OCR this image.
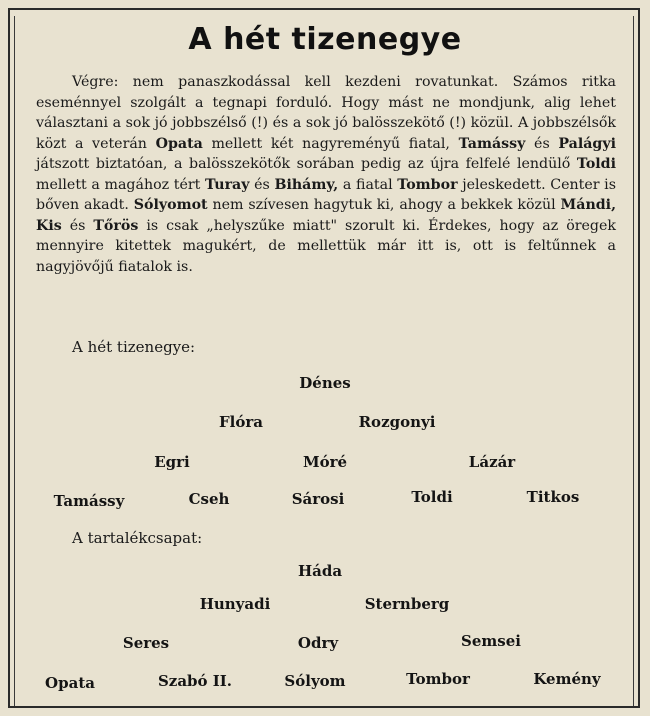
A hét tizenegye

Végre: nem panaszkodással kell kezdeni rovatunkat. Számos ritka eseménnyel szolgált a tegnapi forduló. Hogy mást ne mondjunk, alig lehet választani a sok jó jobbszélső (!) és a sok jó balösszekötő (!) közül. A jobbszélsők közt a veterán Opata mellett két nagyreményű fiatal, Tamássy és Palágyi játszott biztatóan, a balösszekötők sorában pedig az újra felfelé lendülő Toldi mellett a magához tért Turay és Bihámy, a fiatal Tombor jeleskedett. Center is bőven akadt. Sólyomot nem szívesen hagytuk ki, ahogy a bekkek közül Mándi, Kis és Tőrös is csak „helyszűke miatt" szorult ki. Érdekes, hogy az öregek mennyire kitettek magukért, de mellettük már itt is, ott is feltűnnek a nagyjövőjű fiatalok is.

A hét tizenegye:
Dénes
Flóra	Rozgonyi
Egri	Móré	Lázár
Tamássy	Cseh	Sárosi	Toldi	Titkos
A tartalékcsapat:
Háda
Hunyadi	Sternberg
Seres	Odry	Semsei
Opata	Szabó II.	Sólyom	Tombor	Kemény
